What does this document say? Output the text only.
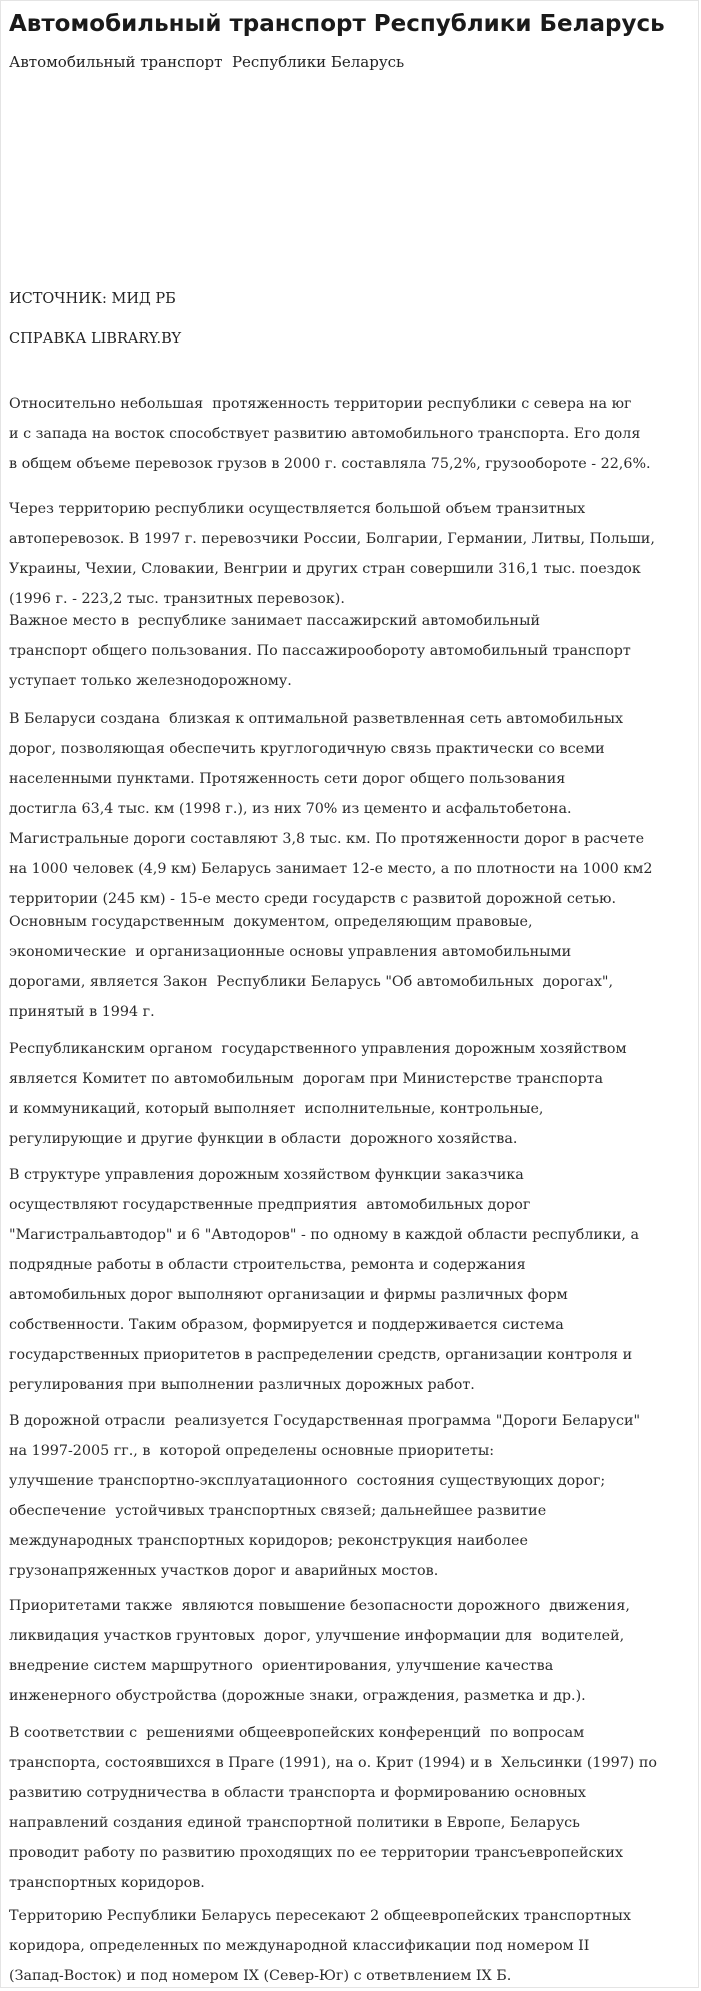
Автомобильный транспорт Республики Беларусь
Автомобильный транспорт  Республики Беларусь
ИСТОЧНИК: МИД РБ
СПРАВКА LIBRARY.BY
Относительно небольшая  протяженность территории республики с севера на юг
и с запада на восток способствует развитию автомобильного транспорта. Его доля
в общем объеме перевозок грузов в 2000 г. составляла 75,2%, грузообороте - 22,6%.
Через территорию республики осуществляется большой объем транзитных
автоперевозок. В 1997 г. перевозчики России, Болгарии, Германии, Литвы, Польши,
Украины, Чехии, Словакии, Венгрии и других стран совершили 316,1 тыс. поездок
(1996 г. - 223,2 тыс. транзитных перевозок).
Важное место в  республике занимает пассажирский автомобильный
транспорт общего пользования. По пассажирообороту автомобильный транспорт
уступает только железнодорожному.
В Беларуси создана  близкая к оптимальной разветвленная сеть автомобильных
дорог, позволяющая обеспечить круглогодичную связь практически со всеми
населенными пунктами. Протяженность сети дорог общего пользования
достигла 63,4 тыс. км (1998 г.), из них 70% из цементо и асфальтобетона.
Магистральные дороги составляют 3,8 тыс. км. По протяженности дорог в расчете
на 1000 человек (4,9 км) Беларусь занимает 12-е место, а по плотности на 1000 км2
территории (245 км) - 15-е место среди государств с развитой дорожной сетью.
Основным государственным  документом, определяющим правовые,
экономические  и организационные основы управления автомобильными
дорогами, является Закон  Республики Беларусь "Об автомобильных  дорогах",
принятый в 1994 г.
Республиканским органом  государственного управления дорожным хозяйством
является Комитет по автомобильным  дорогам при Министерстве транспорта
и коммуникаций, который выполняет  исполнительные, контрольные,
регулирующие и другие функции в области  дорожного хозяйства.
В структуре управления дорожным хозяйством функции заказчика
осуществляют государственные предприятия  автомобильных дорог
"Магистральавтодор" и 6 "Автодоров" - по одному в каждой области республики, а
подрядные работы в области строительства, ремонта и содержания
автомобильных дорог выполняют организации и фирмы различных форм
собственности. Таким образом, формируется и поддерживается система
государственных приоритетов в распределении средств, организации контроля и
регулирования при выполнении различных дорожных работ.
В дорожной отрасли  реализуется Государственная программа "Дороги Беларуси"
на 1997-2005 гг., в  которой определены основные приоритеты:
улучшение транспортно-эксплуатационного  состояния существующих дорог;
обеспечение  устойчивых транспортных связей; дальнейшее развитие
международных транспортных коридоров; реконструкция наиболее
грузонапряженных участков дорог и аварийных мостов.
Приоритетами также  являются повышение безопасности дорожного  движения,
ликвидация участков грунтовых  дорог, улучшение информации для  водителей,
внедрение систем маршрутного  ориентирования, улучшение качества
инженерного обустройства (дорожные знаки, ограждения, разметка и др.).
В соответствии с  решениями общеевропейских конференций  по вопросам
транспорта, состоявшихся в Праге (1991), на о. Крит (1994) и в  Хельсинки (1997) по
развитию сотрудничества в области транспорта и формированию основных
направлений создания единой транспортной политики в Европе, Беларусь
проводит работу по развитию проходящих по ее территории трансъевропейских
транспортных коридоров.
Территорию Республики Беларусь пересекают 2 общеевропейских транспортных
коридора, определенных по международной классификации под номером II
(Запад-Восток) и под номером IX (Север-Юг) с ответвлением IX Б.
